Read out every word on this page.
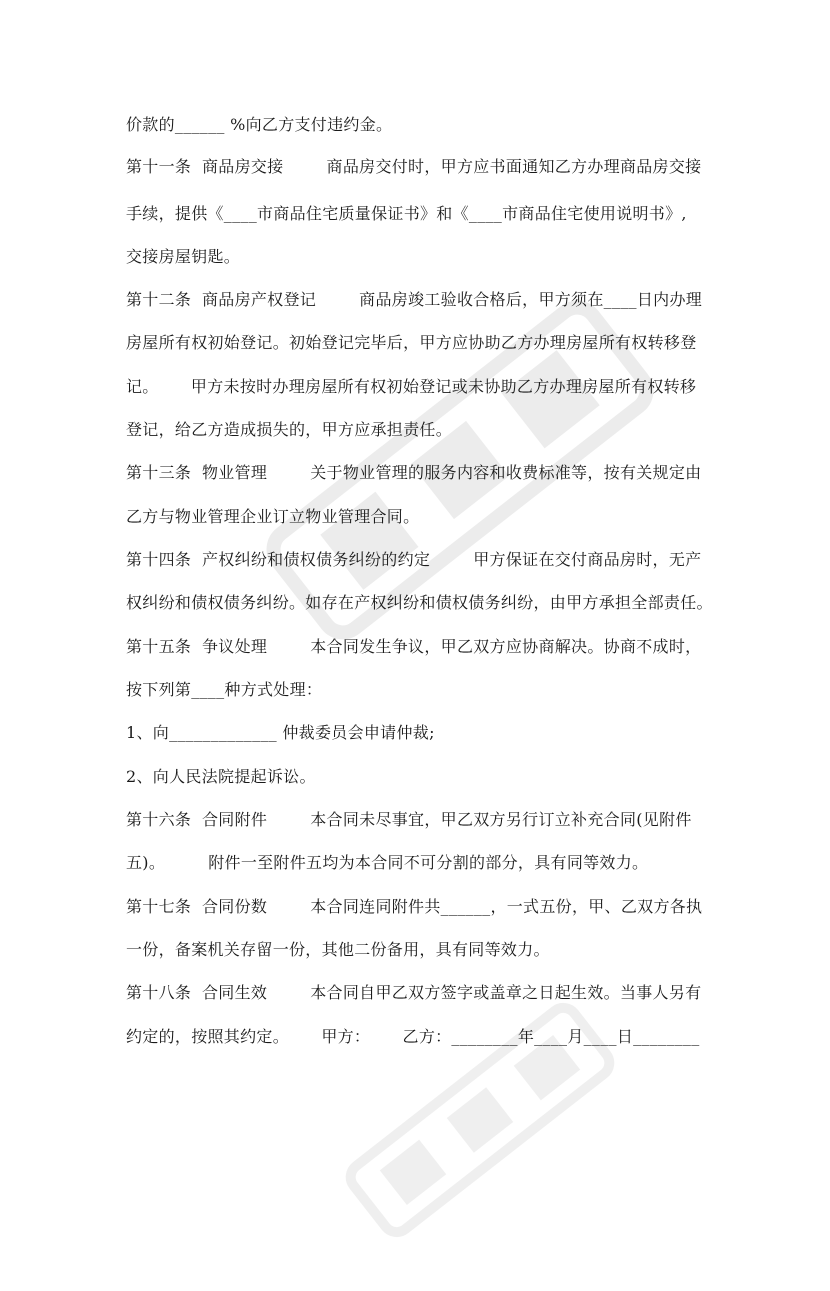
价款的______ %向乙方支付违约金。
第十一条  商品房交接        商品房交付时，甲方应书面通知乙方办理商品房交接
手续，提供《____市商品住宅质量保证书》和《____市商品住宅使用说明书》,
交接房屋钥匙。
第十二条  商品房产权登记        商品房竣工验收合格后，甲方须在____日内办理
房屋所有权初始登记。初始登记完毕后，甲方应协助乙方办理房屋所有权转移登
记。      甲方未按时办理房屋所有权初始登记或未协助乙方办理房屋所有权转移
登记，给乙方造成损失的，甲方应承担责任。
第十三条  物业管理        关于物业管理的服务内容和收费标准等，按有关规定由
乙方与物业管理企业订立物业管理合同。
第十四条  产权纠纷和债权债务纠纷的约定        甲方保证在交付商品房时，无产
权纠纷和债权债务纠纷。如存在产权纠纷和债权债务纠纷，由甲方承担全部责任。
第十五条  争议处理        本合同发生争议，甲乙双方应协商解决。协商不成时，
按下列第____种方式处理：
1、向_____________ 仲裁委员会申请仲裁;
2、向人民法院提起诉讼。
第十六条  合同附件        本合同未尽事宜，甲乙双方另行订立补充合同(见附件
五)。        附件一至附件五均为本合同不可分割的部分，具有同等效力。
第十七条  合同份数        本合同连同附件共______，一式五份，甲、乙双方各执
一份，备案机关存留一份，其他二份备用，具有同等效力。
第十八条  合同生效        本合同自甲乙双方签字或盖章之日起生效。当事人另有
约定的，按照其约定。      甲方：      乙方：________年____月____日________
